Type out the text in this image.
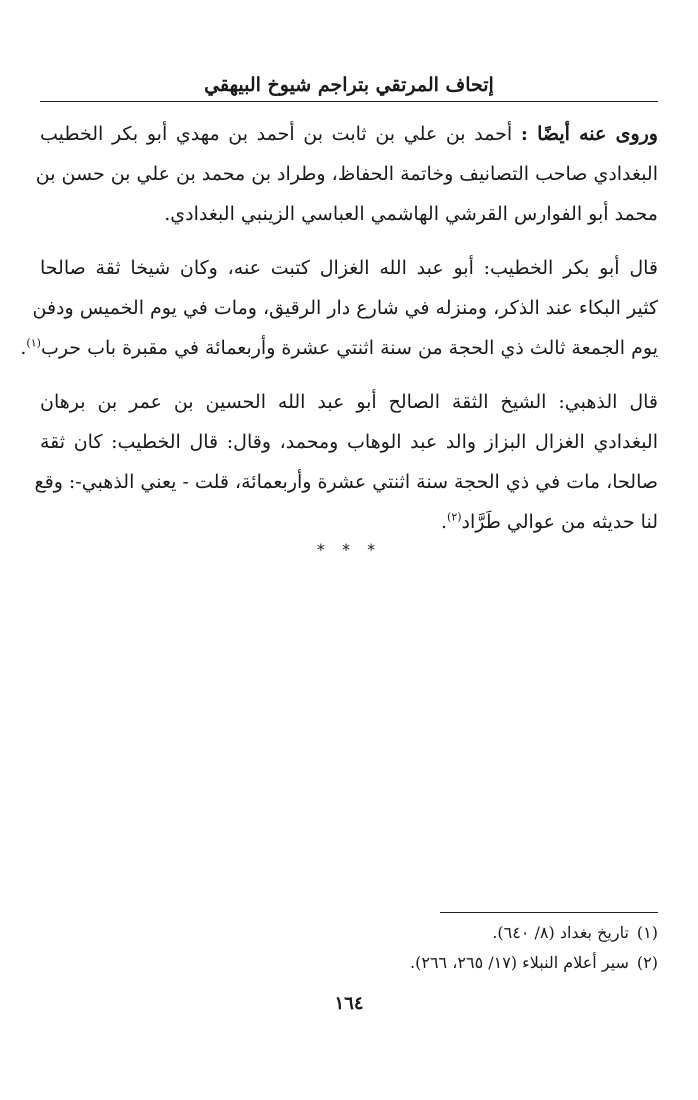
إتحاف المرتقي بتراجم شيوخ البيهقي

وروى عنه أيضًا : أحمد بن علي بن ثابت بن أحمد بن مهدي أبو بكر الخطيب
البغدادي صاحب التصانيف وخاتمة الحفاظ، وطراد بن محمد بن علي بن حسن بن
محمد أبو الفوارس القرشي الهاشمي العباسي الزينبي البغدادي.

قال أبو بكر الخطيب: أبو عبد الله الغزال كتبت عنه، وكان شيخا ثقة صالحا
كثير البكاء عند الذكر، ومنزله في شارع دار الرقيق، ومات في يوم الخميس ودفن
يوم الجمعة ثالث ذي الحجة من سنة اثنتي عشرة وأربعمائة في مقبرة باب حرب$^{(١)}$.

قال الذهبي: الشيخ الثقة الصالح أبو عبد الله الحسين بن عمر بن برهان
البغدادي الغزال البزاز والد عبد الوهاب ومحمد، وقال: قال الخطيب: كان ثقة
صالحا، مات في ذي الحجة سنة اثنتي عشرة وأربعمائة، قلت - يعني الذهبي-: وقع
لنا حديثه من عوالي طَرَّاد$^{(٢)}$.

* * *
(١)تاريخ بغداد (٨/ ٦٤٠).
(٢)سير أعلام النبلاء (١٧/ ٢٦٥، ٢٦٦).
١٦٤
